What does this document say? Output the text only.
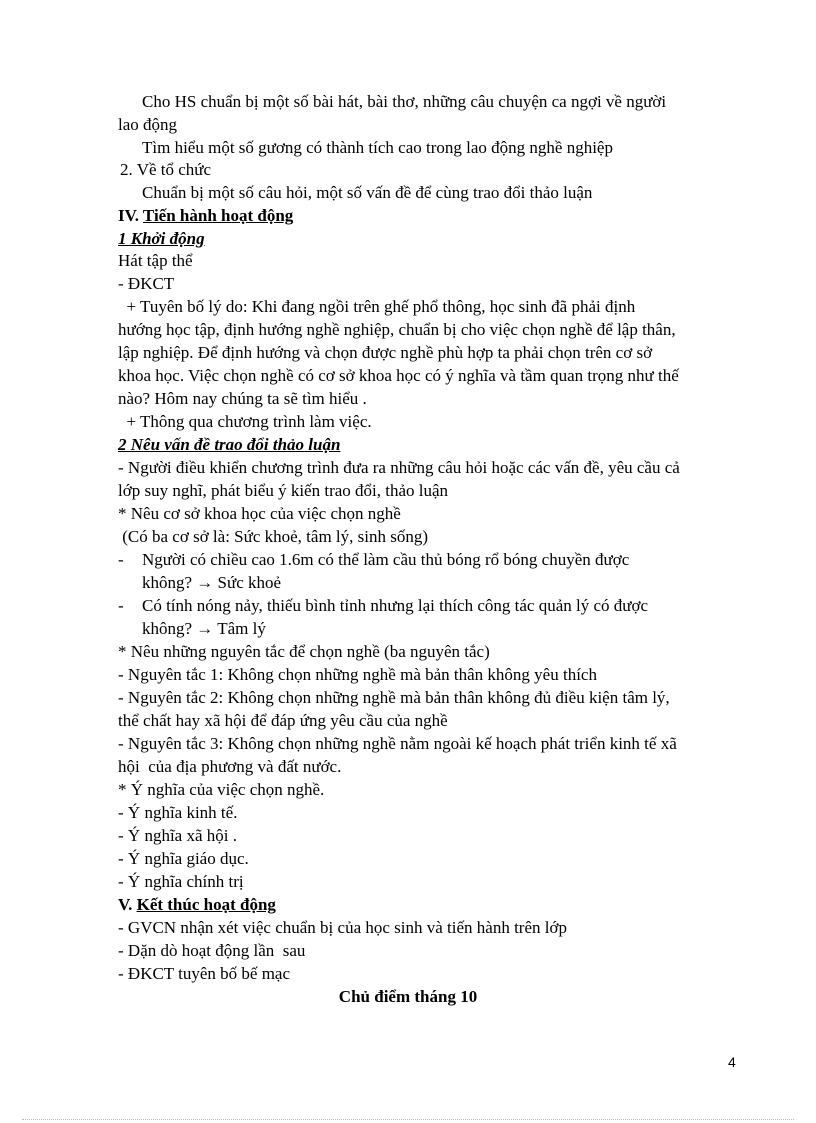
Cho HS chuẩn bị một số bài hát, bài thơ, những câu chuyện ca ngợi về người
lao động
Tìm hiểu một số gương có thành tích cao trong lao động nghề nghiệp
2. Về tổ chức
Chuẩn bị một số câu hỏi, một số vấn đề để cùng trao đổi thảo luận
IV. Tiến hành hoạt động
1 Khởi động
Hát tập thể
- ĐKCT
+ Tuyên bố lý do: Khi đang ngồi trên ghế phổ thông, học sinh đã phải định
hướng học tập, định hướng nghề nghiệp, chuẩn bị cho việc chọn nghề để lập thân,
lập nghiệp. Để định hướng và chọn được nghề phù hợp ta phải chọn trên cơ sở
khoa học. Việc chọn nghề có cơ sở khoa học có ý nghĩa và tầm quan trọng như thế
nào? Hôm nay chúng ta sẽ tìm hiểu .
+ Thông qua chương trình làm việc.
2 Nêu vấn đề trao đổi thảo luận
- Người điều khiển chương trình đưa ra những câu hỏi hoặc các vấn đề, yêu cầu cả
lớp suy nghĩ, phát biểu ý kiến trao đổi, thảo luận
* Nêu cơ sở khoa học của việc chọn nghề
(Có ba cơ sở là: Sức khoẻ, tâm lý, sinh sống)
- Người có chiều cao 1.6m có thể làm cầu thủ bóng rổ bóng chuyền được
không? → Sức khoẻ
- Có tính nóng nảy, thiếu bình tỉnh nhưng lại thích công tác quản lý có được
không? → Tâm lý
* Nêu những nguyên tắc để chọn nghề (ba nguyên tắc)
- Nguyên tắc 1: Không chọn những nghề mà bản thân không yêu thích
- Nguyên tắc 2: Không chọn những nghề mà bản thân không đủ điều kiện tâm lý,
thể chất hay xã hội để đáp ứng yêu cầu của nghề
- Nguyên tắc 3: Không chọn những nghề nằm ngoài kế hoạch phát triển kinh tế xã
hội  của địa phương và đất nước.
* Ý nghĩa của việc chọn nghề.
- Ý nghĩa kinh tế.
- Ý nghĩa xã hội .
- Ý nghĩa giáo dục.
- Ý nghĩa chính trị
V. Kết thúc hoạt động
- GVCN nhận xét việc chuẩn bị của học sinh và tiến hành trên lớp
- Dặn dò hoạt động lần  sau
- ĐKCT tuyên bố bế mạc
Chủ điểm tháng 10
4
